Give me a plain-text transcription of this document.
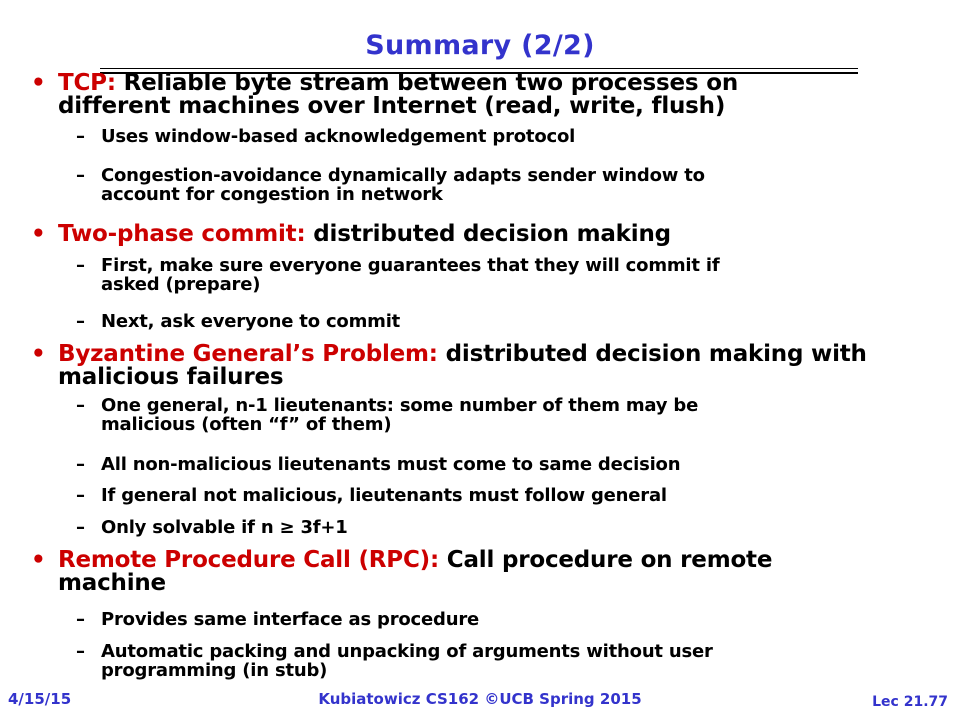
Summary (2/2)
• TCP: Reliable byte stream between two processes on
different machines over Internet (read, write, flush)
– Uses window-based acknowledgement protocol
– Congestion-avoidance dynamically adapts sender window to
account for congestion in network
• Two-phase commit: distributed decision making
– First, make sure everyone guarantees that they will commit if
asked (prepare)
– Next, ask everyone to commit
• Byzantine General’s Problem: distributed decision making with
malicious failures
– One general, n-1 lieutenants: some number of them may be
malicious (often “f” of them)
– All non-malicious lieutenants must come to same decision
– If general not malicious, lieutenants must follow general
– Only solvable if n ≥ 3f+1
• Remote Procedure Call (RPC): Call procedure on remote
machine
– Provides same interface as procedure
– Automatic packing and unpacking of arguments without user
programming (in stub)
4/15/15	Kubiatowicz CS162 ©UCB Spring 2015	Lec 21.77
